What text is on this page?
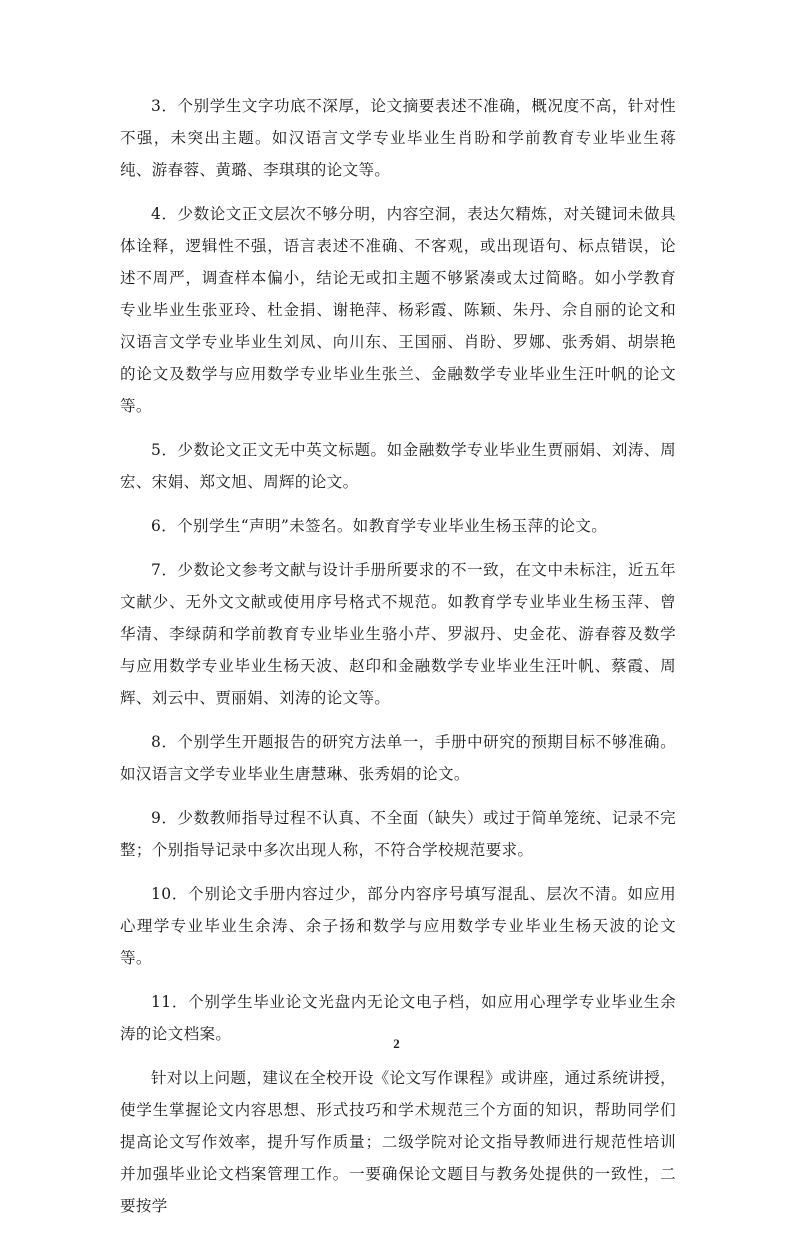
3．个别学生文字功底不深厚，论文摘要表述不准确，概况度不高，针对性不强，未突出主题。如汉语言文学专业毕业生肖盼和学前教育专业毕业生蒋纯、游春蓉、黄璐、李琪琪的论文等。

4．少数论文正文层次不够分明，内容空洞，表达欠精炼，对关键词未做具体诠释，逻辑性不强，语言表述不准确、不客观，或出现语句、标点错误，论述不周严，调查样本偏小，结论无或扣主题不够紧凑或太过简略。如小学教育专业毕业生张亚玲、杜金捐、谢艳萍、杨彩霞、陈颖、朱丹、佘自丽的论文和汉语言文学专业毕业生刘凤、向川东、王国丽、肖盼、罗娜、张秀娟、胡崇艳的论文及数学与应用数学专业毕业生张兰、金融数学专业毕业生汪叶帆的论文等。

5．少数论文正文无中英文标题。如金融数学专业毕业生贾丽娟、刘涛、周宏、宋娟、郑文旭、周辉的论文。

6．个别学生“声明”未签名。如教育学专业毕业生杨玉萍的论文。

7．少数论文参考文献与设计手册所要求的不一致，在文中未标注，近五年文献少、无外文文献或使用序号格式不规范。如教育学专业毕业生杨玉萍、曾华清、李绿荫和学前教育专业毕业生骆小芹、罗淑丹、史金花、游春蓉及数学与应用数学专业毕业生杨天波、赵印和金融数学专业毕业生汪叶帆、蔡霞、周辉、刘云中、贾丽娟、刘涛的论文等。

8．个别学生开题报告的研究方法单一，手册中研究的预期目标不够准确。如汉语言文学专业毕业生唐慧琳、张秀娟的论文。

9．少数教师指导过程不认真、不全面（缺失）或过于简单笼统、记录不完整；个别指导记录中多次出现人称，不符合学校规范要求。

10．个别论文手册内容过少，部分内容序号填写混乱、层次不清。如应用心理学专业毕业生余涛、余子扬和数学与应用数学专业毕业生杨天波的论文等。

11．个别学生毕业论文光盘内无论文电子档，如应用心理学专业毕业生余涛的论文档案。

针对以上问题，建议在全校开设《论文写作课程》或讲座，通过系统讲授，使学生掌握论文内容思想、形式技巧和学术规范三个方面的知识，帮助同学们提高论文写作效率，提升写作质量；二级学院对论文指导教师进行规范性培训并加强毕业论文档案管理工作。一要确保论文题目与教务处提供的一致性，二要按学

2
